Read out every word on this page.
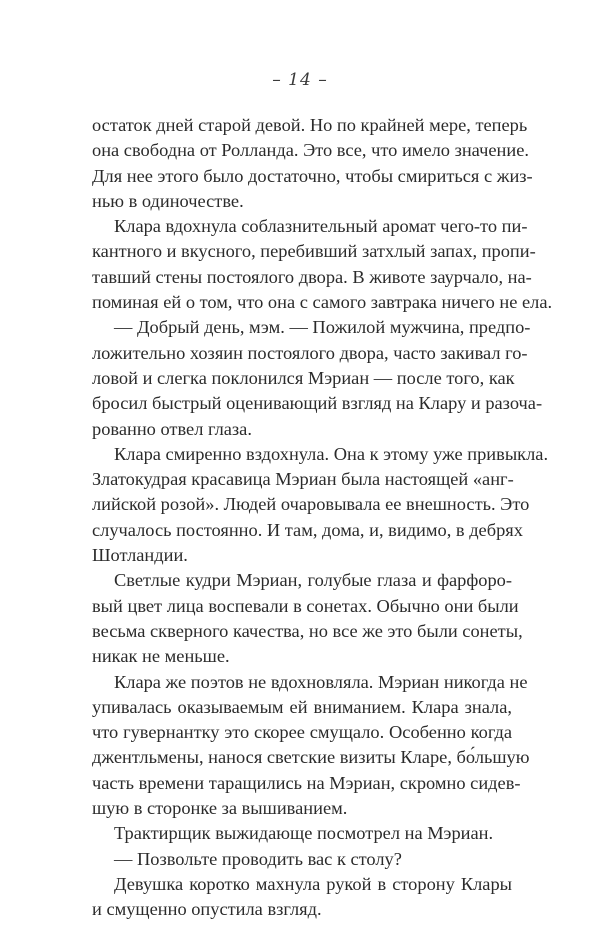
– 14 –
остаток дней старой девой. Но по крайней мере, теперь
она свободна от Ролланда. Это все, что имело значение.
Для нее этого было достаточно, чтобы смириться с жиз-
нью в одиночестве.
Клара вдохнула соблазнительный аромат чего-то пи-
кантного и вкусного, перебивший затхлый запах, пропи-
тавший стены постоялого двора. В животе заурчало, на-
поминая ей о том, что она с самого завтрака ничего не ела.
— Добрый день, мэм. — Пожилой мужчина, предпо-
ложительно хозяин постоялого двора, часто закивал го-
ловой и слегка поклонился Мэриан — после того, как
бросил быстрый оценивающий взгляд на Клару и разоча-
рованно отвел глаза.
Клара смиренно вздохнула. Она к этому уже привыкла.
Златокудрая красавица Мэриан была настоящей «анг-
лийской розой». Людей очаровывала ее внешность. Это
случалось постоянно. И там, дома, и, видимо, в дебрях
Шотландии.
Светлые кудри Мэриан, голубые глаза и фарфоро-
вый цвет лица воспевали в сонетах. Обычно они были
весьма скверного качества, но все же это были сонеты,
никак не меньше.
Клара же поэтов не вдохновляла. Мэриан никогда не
упивалась оказываемым ей вниманием. Клара знала,
что гувернантку это скорее смущало. Особенно когда
джентльмены, нанося светские визиты Кларе, бо́льшую
часть времени таращились на Мэриан, скромно сидев-
шую в сторонке за вышиванием.
Трактирщик выжидающе посмотрел на Мэриан.
— Позвольте проводить вас к столу?
Девушка коротко махнула рукой в сторону Клары
и смущенно опустила взгляд.
